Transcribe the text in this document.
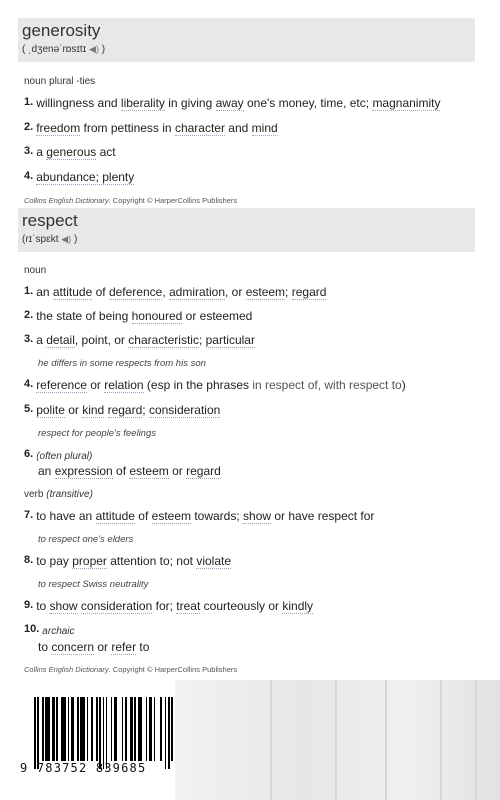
generosity
( ˌdʒenəˈrɒsɪtɪ ◀) )
noun plural -ties
1. willingness and liberality in giving away one's money, time, etc; magnanimity
2. freedom from pettiness in character and mind
3. a generous act
4. abundance; plenty
Collins English Dictionary. Copyright © HarperCollins Publishers
respect
(rɪˈspɛkt ◀) )
noun
1. an attitude of deference, admiration, or esteem; regard
2. the state of being honoured or esteemed
3. a detail, point, or characteristic; particular
he differs in some respects from his son
4. reference or relation (esp in the phrases in respect of, with respect to)
5. polite or kind regard; consideration
respect for people's feelings
6. (often plural)
an expression of esteem or regard
verb (transitive)
7. to have an attitude of esteem towards; show or have respect for
to respect one's elders
8. to pay proper attention to; not violate
to respect Swiss neutrality
9. to show consideration for; treat courteously or kindly
10. archaic
to concern or refer to
Collins English Dictionary. Copyright © HarperCollins Publishers
9 783752 839685
